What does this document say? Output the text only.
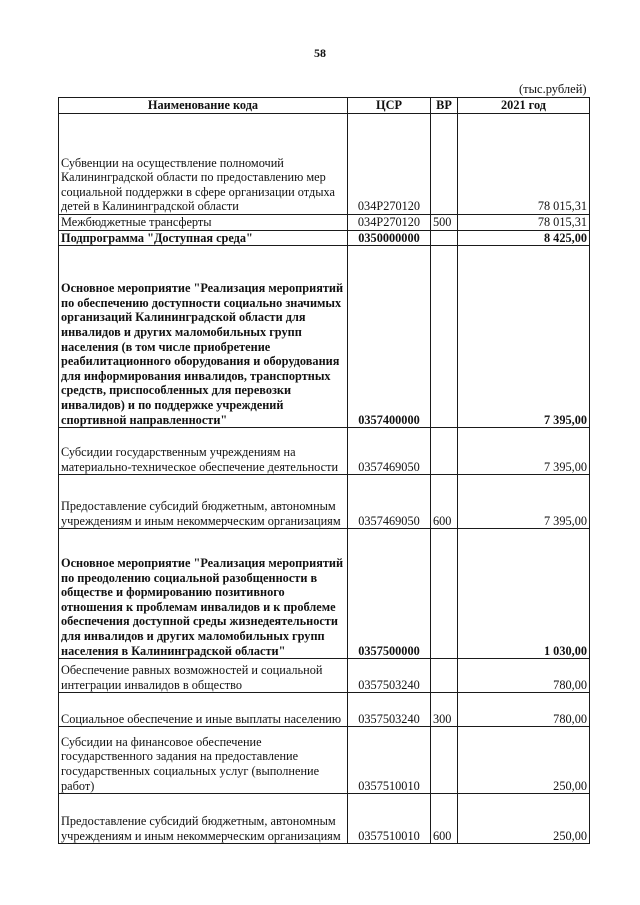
58
(тыс.рублей)
Наименование кода	ЦСР	ВР	2021 год
Субвенции на осуществление полномочий Калининградской области по предоставлению мер социальной поддержки в сфере организации отдыха детей в Калининградской области	034P270120		78 015,31
Межбюджетные трансферты	034P270120	500	78 015,31
Подпрограмма "Доступная среда"	0350000000		8 425,00
Основное мероприятие "Реализация мероприятий по обеспечению доступности социально значимых организаций Калининградской области для инвалидов и других маломобильных групп населения (в том числе приобретение реабилитационного оборудования и оборудования для информирования инвалидов, транспортных средств, приспособленных для перевозки инвалидов) и по поддержке учреждений спортивной направленности"	0357400000		7 395,00
Субсидии государственным учреждениям на материально-техническое обеспечение деятельности	0357469050		7 395,00
Предоставление субсидий бюджетным, автономным учреждениям и иным некоммерческим организациям	0357469050	600	7 395,00
Основное мероприятие "Реализация мероприятий по преодолению социальной разобщенности в обществе и формированию позитивного отношения к проблемам инвалидов и к проблеме обеспечения доступной среды жизнедеятельности для инвалидов и других маломобильных групп населения в Калининградской области"	0357500000		1 030,00
Обеспечение равных возможностей и социальной интеграции инвалидов в общество	0357503240		780,00
Социальное обеспечение и иные выплаты населению	0357503240	300	780,00
Субсидии на финансовое обеспечение государственного задания на предоставление государственных социальных услуг (выполнение работ)	0357510010		250,00
Предоставление субсидий бюджетным, автономным учреждениям и иным некоммерческим организациям	0357510010	600	250,00
